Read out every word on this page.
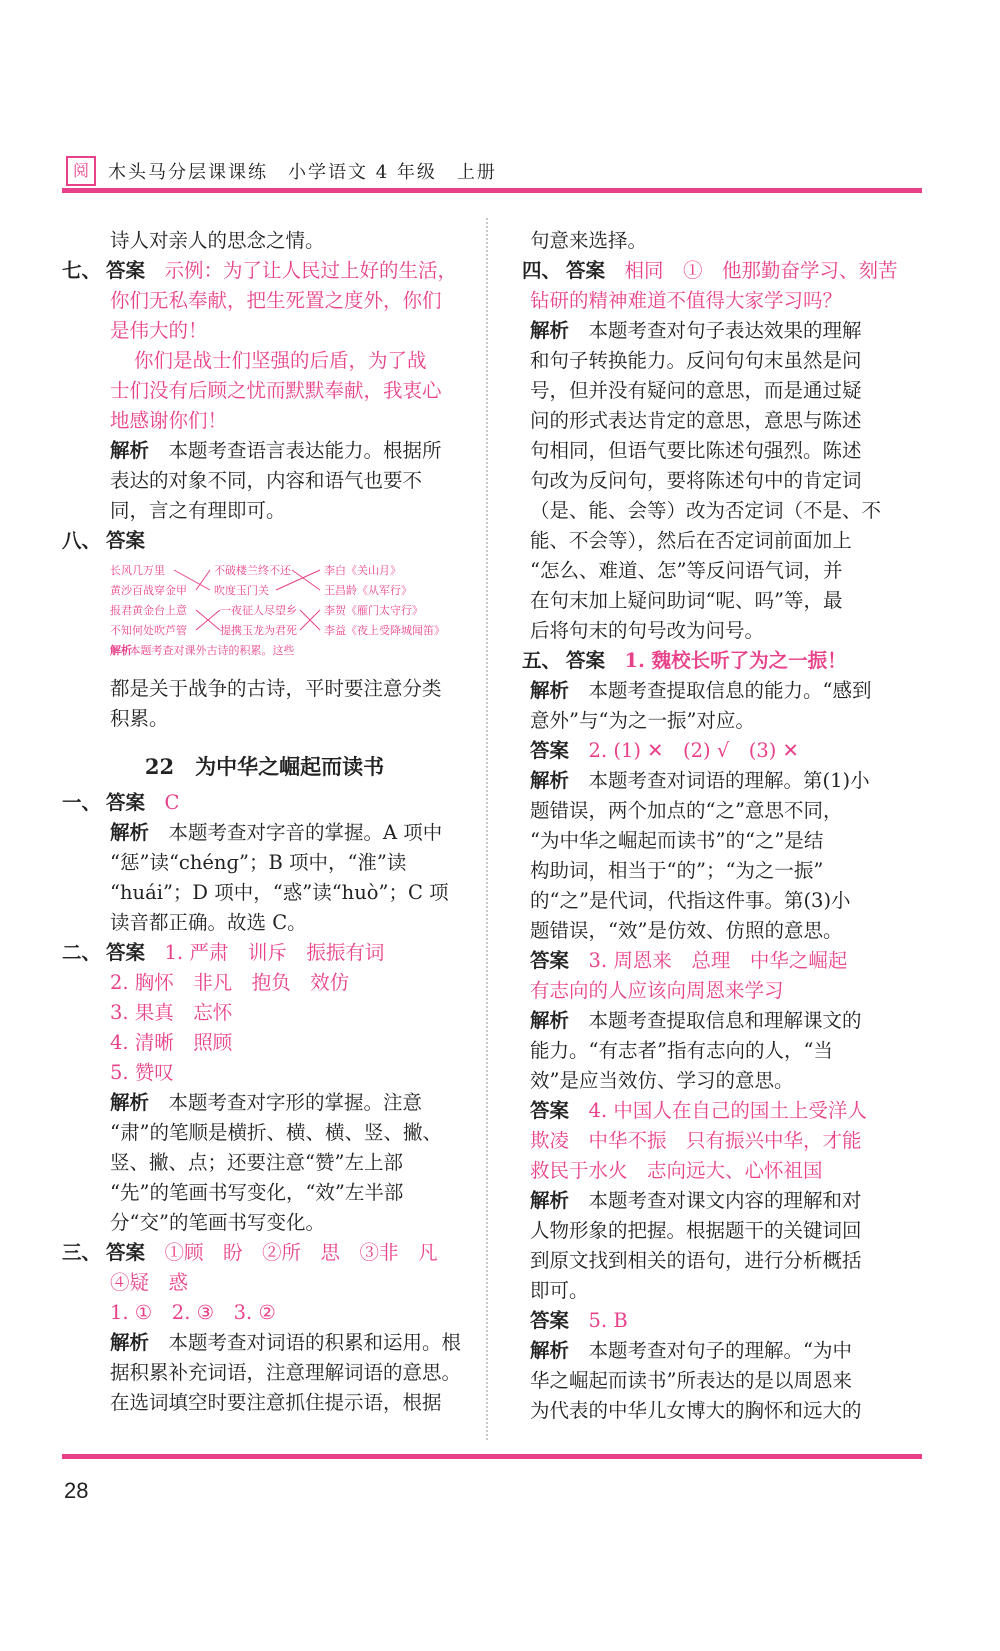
阅	木头马分层课课练　小学语文 4 年级　上册
诗人对亲人的思念之情。
七、 答案　 示例：为了让人民过上好的生活，
你们无私奉献，把生死置之度外，你们
是伟大的！
你们是战士们坚强的后盾，为了战
士们没有后顾之忧而默默奉献，我衷心
地感谢你们！
解析　 本题考查语言表达能力。根据所
表达的对象不同，内容和语气也要不
同，言之有理即可。
八、 答案
长风几万里
黄沙百战穿金甲
报君黄金台上意
不知何处吹芦管
不破楼兰终不还
吹度玉门关
一夜征人尽望乡
提携玉龙为君死
李白《关山月》
王昌龄《从军行》
李贺《雁门太守行》
李益《夜上受降城闻笛》
解析

本题考查对课外古诗的积累。这些
都是关于战争的古诗，平时要注意分类
积累。
22　为中华之崛起而读书
一、 答案　 C
解析　 本题考查对字音的掌握。A 项中
“惩”读“chénɡ”；B 项中，“淮”读
“huái”；D 项中，“惑”读“huò”；C 项
读音都正确。故选 C。
二、 答案　 1. 严肃　训斥　振振有词
2. 胸怀　非凡　抱负　效仿
3. 果真　忘怀
4. 清晰　照顾
5. 赞叹
解析　 本题考查对字形的掌握。注意
“肃”的笔顺是横折、横、横、竖、撇、
竖、撇、点；还要注意“赞”左上部
“先”的笔画书写变化，“效”左半部
分“交”的笔画书写变化。
三、 答案　 ①顾　盼　②所　思　③非　凡
④疑　惑
1. ①　2. ③　3. ②
解析　 本题考查对词语的积累和运用。根
据积累补充词语，注意理解词语的意思。
在选词填空时要注意抓住提示语，根据
句意来选择。
四、 答案　 相同　①　他那勤奋学习、刻苦
钻研的精神难道不值得大家学习吗？
解析　 本题考查对句子表达效果的理解
和句子转换能力。反问句句末虽然是问
号，但并没有疑问的意思，而是通过疑
问的形式表达肯定的意思，意思与陈述
句相同，但语气要比陈述句强烈。陈述
句改为反问句，要将陈述句中的肯定词
（是、能、会等）改为否定词（不是、不
能、不会等），然后在否定词前面加上
“怎么、难道、怎”等反问语气词，并
在句末加上疑问助词“呢、吗”等，最
后将句末的句号改为问号。
五、 答案　 1. 魏校长听了为之一振！
解析　 本题考查提取信息的能力。“感到
意外”与“为之一振”对应。
答案　 2. (1) ✕　(2) √　(3) ✕
解析　 本题考查对词语的理解。第(1)小
题错误，两个加点的“之”意思不同，
“为中华之崛起而读书”的“之”是结
构助词，相当于“的”；“为之一振”
的“之”是代词，代指这件事。第(3)小
题错误，“效”是仿效、仿照的意思。
答案　 3. 周恩来　总理　中华之崛起
有志向的人应该向周恩来学习
解析　 本题考查提取信息和理解课文的
能力。“有志者”指有志向的人，“当
效”是应当效仿、学习的意思。
答案　 4. 中国人在自己的国土上受洋人
欺凌　中华不振　只有振兴中华，才能
救民于水火　志向远大、心怀祖国
解析　 本题考查对课文内容的理解和对
人物形象的把握。根据题干的关键词回
到原文找到相关的语句，进行分析概括
即可。
答案　 5. B
解析　 本题考查对句子的理解。“为中
华之崛起而读书”所表达的是以周恩来
为代表的中华儿女博大的胸怀和远大的
28
